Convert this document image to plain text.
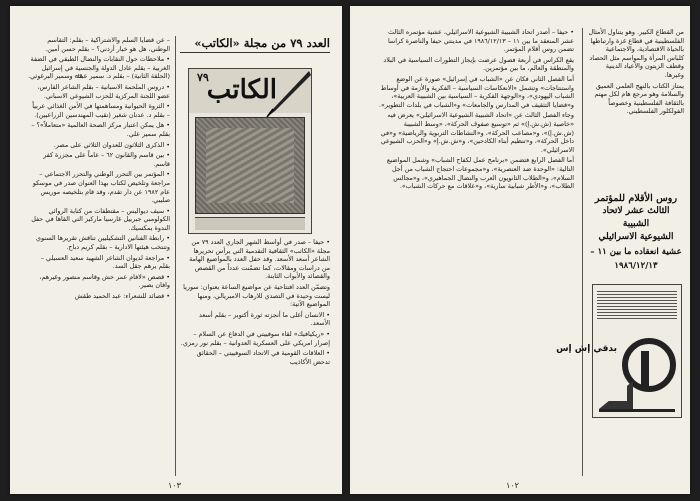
– عن ﻗﻀﺎﻳﺎ اﻟﺴﻠﻢ واﻻﺷﺘﺮاﻛﻴﺔ – ﺑﻘﻠﻢ: اﻟﺘﻘﺎﺳﻢ اﻟﻮﻃﻨﻲ، ﻫﻞ ﻫﻮ ﺧﻴﺎر أردني؟ – ﺑﻘﻠﻢ ﺣﺴﻦ أﻣﻴﻦ.

• ﻣﻼﺣﻈﺎت ﺣﻮل اﻟﻨﻘﺎﺑﺎت واﻟﻨﻀﺎل اﻟﻄﺒﻘﻲ ﻓﻲ اﻟﻀﻔﺔ اﻟﻐﺮﺑﻴﺔ – ﺑﻘﻠﻢ ﻋﺎدل اﻟﺪوﻟﺔ واﻟﺠﻨﺴﻴﺔ ﻓﻲ إﺳﺮاﺋﻴﻞ (اﻟﺤﻠﻘﺔ اﻟﺜﺎﻧﻴﺔ) – ﺑﻘﻠﻢ د. ﺳﻤﻴﺮ ﻋﺒﺪﷲ وﺳﻤﻴﺮ اﻟﺒﺮﻏﻮﺛﻲ.

• دروس اﻟﻤﻠﺤﻤﺔ اﻻﺳﺒﺎﻧﻴﺔ – ﺑﻘﻠﻢ اﻟﺸﺎﻋﺮ اﻟﻔﺎرس، ﻋﻀﻮ اﻟﻠﺠﻨﺔ اﻟﻤﺮﻛﺰﻳﺔ ﻟﻠﺤﺰب اﻟﺸﻴﻮﻋﻲ اﻻﺳﺒﺎﻧﻲ.

• اﻟﺜﺮوة اﻟﺤﻴﻮاﻧﻴﺔ وﻣﺴﺎﻫﻤﺘﻬﺎ ﻓﻲ اﻷﻣﻦ اﻟﻐﺬاﺋﻲ ﻋﺮﺑﻴﺎً – ﺑﻘﻠﻢ د. ﻋﺪﻧﺎن ﺷﻐﻴﺮ (ﻧﻘﻴﺐ اﻟﻤﻬﻨﺪﺳﻴﻦ اﻟﺰراﻋﻴﻴﻦ).

• ﻫﻞ ﻳﻤﻜﻦ اﻋﺘﺒﺎر ﻣﺮﻛﺰ اﻟﺼﺤﺔ اﻟﻌﺎﻟﻤﻴﺔ «ﻣﺘﻌﺎﻣﻼً»؟ – ﺑﻘﻠﻢ ﺳﻤﻴﺮ ﻋﻠﻲ.

• اﻟﺬﻛﺮى اﻟﺜﻼﺛﻮن ﻟﻠﻌﺪوان اﻟﺜﻼﺛﻲ ﻋﻠﻰ ﻣﺼﺮ.

• ﺑﻴﻦ ﻗﺎﺳﻢ واﻟﻘﺎﻧﻮن ٦٢ – ﻋﺎﻣﺎً ﻋﻠﻰ ﻣﺠﺰرة ﻛﻔﺮ ﻗﺎﺳﻢ.

• اﻟﻤﺆﺗﻤﺮ ﺑﻴﻦ اﻟﺘﺤﺮر اﻟﻮﻃﻨﻲ واﻟﺘﺤﺮر اﻻﺟﺘﻤﺎﻋﻲ – ﻣﺮاﺟﻌﺔ وﺗﻠﺨﻴﺺ ﻟﻜﺘﺎب ﺑﻬﺬا اﻟﻌﻨﻮان ﺻﺪر ﻓﻲ ﻣﻮﺳﻜﻮ ﻋﺎم ١٩٨٢ ﻋﻦ دار ﺗﻘﺪم، وﻗﺪ ﻗﺎم ﺑﺘﻠﺨﻴﺼﻪ ﻣﻮرﻳﺲ ﺻﻠﻴﺒﻲ.

• ﺳﻴﻒ دﻳﻮاﻟﻴﺲ – ﻣﻘﺘﻄﻔﺎت ﻣﻦ ﻛﺘﺎﺑﺔ اﻟﺮواﺋﻲ اﻟﻜﻮﻟﻮﻣﺒﻲ ﺟﺒﺮﻳﻴﻞ ﻏﺎرﺳﻴﺎ ﻣﺎرﻛﻴﺰ اﻟﺘﻲ اﻟﻘﺎﻫﺎ ﻓﻲ ﺣﻔﻞ اﻟﻨﺪوة ﺑﻤﻜﺴﻴﻚ.

• راﺑﻄﺔ اﻟﻔﻨﺎﻧﻴﻦ اﻟﺘﺸﻜﻴﻠﻴﻴﻦ ﺗﻨﺎﻗﺶ ﺗﻘﺮﻳﺮﻫﺎ اﻟﺴﻨﻮي وﺗﻨﺘﺨﺐ ﻫﻴﺌﺘﻬﺎ اﻻدارﻳﺔ – ﺑﻘﻠﻢ ﻛﺮﻳﻢ دﺑﺎح.

• ﻣﺮاﺟﻌﺔ ﻟﺪﻳﻮان اﻟﺸﺎﻋﺮ اﻟﺸﻬﻴﺪ ﺳﻌﻴﺪ اﻟﻌﺴﻴﻠﻲ – ﺑﻘﻠﻢ ﻳﺮﻫﻢ ﺟﻘﻞ اﻟﺴﺪ.

• ﻗﺼﺺ «ﻻﻓﺎم ﻋﻤﺮ ﺣﺶ وﻗﺎﺳﻢ ﻣﻨﺼﻮر وﻏﻴﺮﻫﻢ، واﻓﺎن ﺑﺼﻴﺮ.

• ﻗﺼﺎﺋﺪ ﻟﻠﺸﻌﺮاء: ﻋﺒﺪ اﻟﺤﻤﻴﺪ ﻃﻘﺶ

العدد ٧٩ من مجلة «الكاتب»
٧٩
الكاتب

• ﺣﻴﻔﺎ – ﺻﺪر ﻓﻲ أواﺳﻂ اﻟﺸﻬﺮ اﻟﺠﺎري اﻟﻌﺪد ٧٩ ﻣﻦ ﻣﺠﻠﺔ «اﻟﻜﺎﺗﺐ» اﻟﺜﻘﺎﻓﻴﺔ اﻟﺘﻘﺪﻣﻴﺔ اﻟﺘﻲ ﻳﺮأس ﺗﺤﺮﻳﺮﻫﺎ اﻟﺸﺎﻋﺮ أﺳﻌﺪ اﻷﺳﻌﺪ. وﻗﺪ ﺣﻔﻞ اﻟﻌﺪد ﺑﺎﻟﻤﻮاﺿﻴﻊ اﻟﻬﺎﻣﺔ ﻣﻦ دراﺳﺎت وﻣﻘﺎﻻت، ﻛﻤﺎ ﺗﻀﻤّﻨﺖ ﻋﺪداً ﻣﻦ اﻟﻘﺼﺺ واﻟﻘﺼﺎﺋﺪ واﻷﺑﻮاب اﻟﺜﺎﺑﺘﺔ.

وﺗﻀﻤّﻦ اﻟﻌﺪد اﻓﺘﺘﺎﺣﻴﺔ ﻋﻦ ﻣﻮاﺿﻴﻊ اﻟﺴﺎﻋﺔ ﺑﻌﻨﻮان: ﺳﻮرﻳﺎ ﻟﻴﺴﺖ وﺣﻴﺪة ﻓﻲ اﻟﺘﺼﺪي ﻟﻼرﻫﺎب اﻻﻣﺒﺮﻳﺎﻟﻲ، وﻣﻨﻬﺎ اﻟﻤﻮاﺿﻴﻊ اﻵﺗﻴﺔ:

• اﻻﻧﺴﺎن أﻏﻠﻰ ﻣﺎ أﻧﺠﺰﺗﻪ ﺛﻮرة أﻛﺘﻮﺑﺮ – ﺑﻘﻠﻢ أﺳﻌﺪ اﻷﺳﻌﺪ.

• «رﻳﻜﻴﺎﻓﻴﻚ» ﻟﻘﺎء ﺳﻮﻓﻴﻴﺘﻲ ﻓﻲ اﻟﺪﻓﺎع ﻋﻦ اﻟﺴﻼم – إﺻﺮار اﻣﺮﻳﻜﻲ ﻋﻠﻰ اﻟﻌﺴﻜﺮﻳﺔ اﻟﻌﺪواﻧﻴﺔ – ﺑﻘﻠﻢ ﻧﻮر رﻣﺰي.

• اﻟﻌﻼﻗﺎت اﻟﻘﻮﻣﻴﺔ ﻓﻲ اﻻﺗﺤﺎد اﻟﺴﻮﻓﻴﻴﺘﻲ – اﻟﺤﻘﺎﺋﻖ ﺗﺪﺣﺾ اﻷﻛﺎذﻳﺐ

١٠٣

• ﺣﻴﻔﺎ – أﺻﺪر اﺗﺤﺎد اﻟﺸﺒﻴﺒﺔ اﻟﺸﻴﻮﻋﻴﺔ اﻻﺳﺮاﺋﻴﻠﻲ، ﻋﺸﻴﺔ ﻣﺆﺗﻤﺮه اﻟﺜﺎﻟﺚ ﻋﺸﺮ اﻟﻤﻨﻌﻘﺪ ﻣﺎ ﺑﻴﻦ ١١ – ١٩٨٦/١٢/١٣ ﻓﻲ ﻣﺪﻳﻨﺘﻲ ﺣﻴﻔﺎ واﻟﻨﺎﺻﺮة ﻛﺮاﺳﺎ ﺗﻀﻤﻦ روﺱ أﻗﻼم اﻟﻤﺆﺗﻤﺮ.

ﻳﻘﻊ اﻟﻜﺮاس ﻓﻲ أرﺑﻌﺔ ﻓﺼﻮل ﻋﺮﺿﺖ ﺑﺈﻳﺠﺎز اﻟﺘﻄﻮرات اﻟﺴﻴﺎﺳﻴﺔ ﻓﻲ اﻟﺒﻼد واﻟﻤﻨﻄﻘﺔ واﻟﻌﺎﻟﻢ، ﻣﺎ ﺑﻴﻦ ﻣﺆﺗﻤﺮﻳﻦ.

أﻣﺎ اﻟﻔﺼﻞ اﻟﺜﺎﻧﻲ ﻓﻜﺎن ﻋﻦ «اﻟﺸﺒﺎب ﻓﻲ إﺳﺮاﺋﻴﻞ» ﺻﻮرة ﻋﻦ اﻟﻮﺿﻊ واﺳﺘﻨﺘﺎﺟﺎت» وﺗﺸﻤﻞ «اﻻﻧﻌﻜﺎﺳﺎت اﻟﺴﻴﺎﺳﻴﺔ – اﻟﻔﻜﺮﻳﺔ واﻷزﻣﺔ ﻓﻲ أوﺳﺎط اﻟﺸﺒﺎب اﻟﻴﻬﻮدي»، و«اﻟﻮﺟﻬﺔ اﻟﻔﻜﺮﻳﺔ – اﻟﺴﻴﺎﺳﻴﺔ ﺑﻴﻦ اﻟﺸﺒﻴﺒﺔ اﻟﻌﺮﺑﻴﺔ»، و«ﻗﻀﺎﻳﺎ اﻟﺘﺜﻘﻴﻒ ﻓﻲ اﻟﻤﺪارس واﻟﺠﺎﻣﻌﺎت» و«اﻟﺸﺒﺎب ﻓﻲ ﺑﻠﺪات اﻟﺘﻄﻮﻳﺮ».

وﺟﺎء اﻟﻔﺼﻞ اﻟﺜﺎﻟﺚ ﻋﻦ «اﺗﺤﺎد اﻟﺸﺒﻴﺒﺔ اﻟﺸﻴﻮﻋﻴﺔ اﻻﺳﺮاﺋﻴﻠﻲ» ﻳﻌﺮض ﻓﻴﻪ «ﺧﺎﺻﻴﺔ (ش.ش.إ)» ﺛﻢ «ﺗﻮﺳﻴﻊ ﺻﻔﻮف اﻟﺤﺮﻛﺔ»، «وﺳﻂ اﻟﺸﺒﻴﺒﺔ (ش.ش.إ)»، و«ﻣﺼﺎﻋﺐ اﻟﺤﺮﻛﺔ»، و«اﻟﻨﺸﺎﻃﺎت اﻟﺘﺮﺑﻮﻳﺔ واﻟﺮﻳﺎﺿﻴﺔ» و«ﻓﻲ داﺧﻞ اﻟﺤﺮﻛﺔ»، و«ﺗﻨﻈﻴﻢ أﺑﻨﺎء اﻟﻜﺎدﺣﻴﻦ»، و«ش.ش.إ» و«اﻟﺤﺰب اﻟﺸﻴﻮﻋﻲ اﻻﺳﺮاﺋﻴﻠﻲ».

أﻣﺎ اﻟﻔﺼﻞ اﻟﺮاﺑﻊ ﻓﺘﻀﻤﻦ «ﺑﺮﻧﺎﻣﺞ ﻋﻤﻞ ﻟﻜﻔﺎح اﻟﺸﺒﺎب» وﺷﻤﻞ اﻟﻤﻮاﺿﻴﻊ اﻟﺘﺎﻟﻴﺔ: «اﻟﻮﺣﺪة ﺿﺪ اﻟﻌﻨﺼﺮﻳﺔ»، و«ﻣﺠﻤﻮﻋﺎت اﺣﺘﺠﺎج اﻟﺸﺒﺎب ﻣﻦ أﺟﻞ اﻟﺴﻼم»، و«اﻟﻄﻼب اﻟﺜﺎﻧﻮﻳﻮن اﻟﻌﺮب واﻟﻨﻀﺎل اﻟﺠﻤﺎﻫﻴﺮي»، و«ﻣﺠﺎﻟﺲ اﻟﻄﻼب»، و«اﻷﻃﺮ ﺷﺒﺎﺑﻴﺔ ﺳﺎرﻳﺔ»، و«ﻋﻼﻗﺎت ﻣﻊ ﺣﺮﻛﺎت اﻟﺸﺒﺎب».

ﻣﻦ اﻟﻘﻄﺎع اﻟﻜﺒﻴﺮ. وﻫﻮ ﻳﺘﻨﺎول اﻷﻣﺜﺎل اﻟﻔﻠﺴﻄﻴﻨﻴﺔ ﻓﻲ ﻗﻄﺎع ﻏﺰة وارﺗﺒﺎﻃﻬﺎ ﺑﺎﻟﺤﻴﺎة اﻻﻗﺘﺼﺎدﻳﺔ، واﻻﺟﺘﻤﺎﻋﻴﺔ ﻛﻠﺒﺎس اﻟﻤﺮأة واﻟﻤﻮاﺳﻢ ﻣﺜﻞ اﻟﺤﺼﺎد وﻗﻄﻒ اﻟﺰﻳﺘﻮن واﻷﻋﻴﺎد اﻟﺪﻳﻨﻴﺔ وﻏﻴﺮﻫﺎ.

ﻳﻤﺘﺎز اﻟﻜﺘﺎب ﺑﺎﻟﻨﻬﺞ اﻟﻌﻠﻤﻲ اﻟﻌﻤﻴﻖ واﻟﺴﻼﻣﺔ وﻫﻮ ﻣﺮﺟﻊ ﻫﺎم ﻟﻜﻞ ﻣﻬﺘﻢ ﺑﺎﻟﺜﻘﺎﻓﺔ اﻟﻔﻠﺴﻄﻴﻨﻴﺔ وﺧﺼﻮﺻﺎً اﻟﻔﻮﻟﻜﻠﻮر اﻟﻔﻠﺴﻄﻴﻨﻲ.

روﺱ اﻷﻗﻼم ﻟﻠﻤﺆﺗﻤﺮ
اﻟﺜﺎﻟﺚ ﻋﺸﺮ ﻻﺗﺤﺎد اﻟﺸﺒﻴﺒﺔ
اﻟﺸﻴﻮﻋﻴﺔ اﻻﺳﺮاﺋﻴﻠﻲ
ﻋﺸﻴﺔ اﻧﻌﻘﺎده ﻣﺎ ﺑﻴﻦ ١١ –
١٩٨٦/١٢/١٣
ﺑﺪﻗﻲ إش إس
١٠٢
